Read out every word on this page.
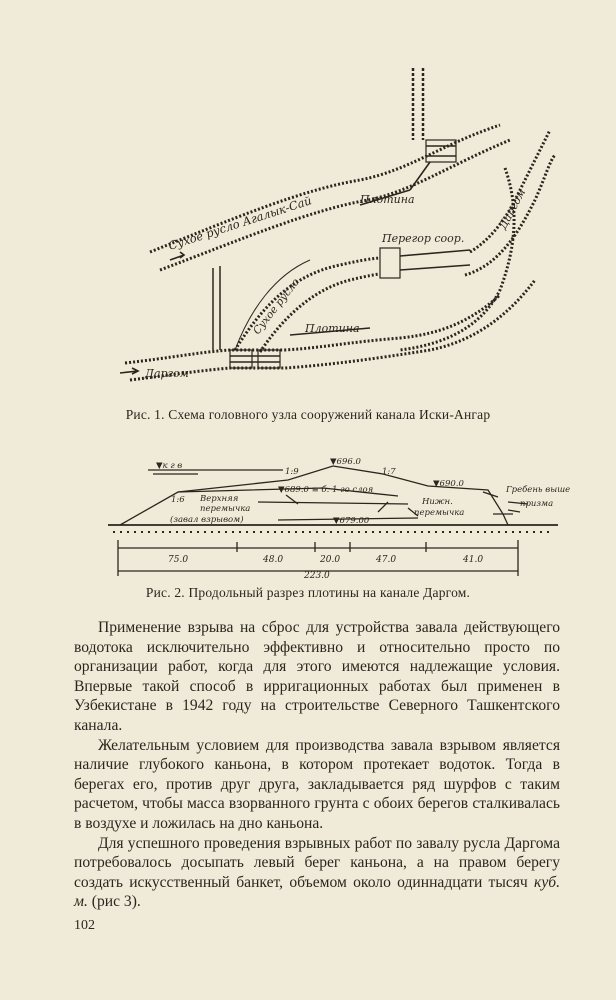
Сухое русло Агалык-Сай	Плотина
Перегор соор.
Сухое русло Плотина
Даргом
Даргом
Рис. 1. Схема головного узла сооружений канала Иски-Ангар
▼к г в
1:9
▼696.0
1:7
▼689.0 ≡ б. 1-го слоя
▼690.0
1:6 Верхняя
перемычка
(завал взрывом)
Нижн.
перемычка
▼679.00
Гребень выше
призма
75.0	48.0	20.0	47.0	41.0
223.0
Рис. 2. Продольный разрез плотины на канале Даргом.

Применение взрыва на сброс для устройства завала действующего водотока исключительно эффективно и относительно просто по организации работ, когда для этого имеются надлежащие условия. Впервые такой способ в ирригационных работах был применен в Узбекистане в 1942 году на строительстве Северного Ташкентского канала.

Желательным условием для производства завала взрывом является наличие глубокого каньона, в котором протекает водоток. Тогда в берегах его, против друг друга, закладывается ряд шурфов с таким расчетом, чтобы масса взорванного грунта с обоих берегов сталкивалась в воздухе и ложилась на дно каньона.

Для успешного проведения взрывных работ по завалу русла Даргома потребовалось досыпать левый берег каньона, а на правом берегу создать искусственный банкет, объемом около одиннадцати тысяч куб. м. (рис 3).

102
